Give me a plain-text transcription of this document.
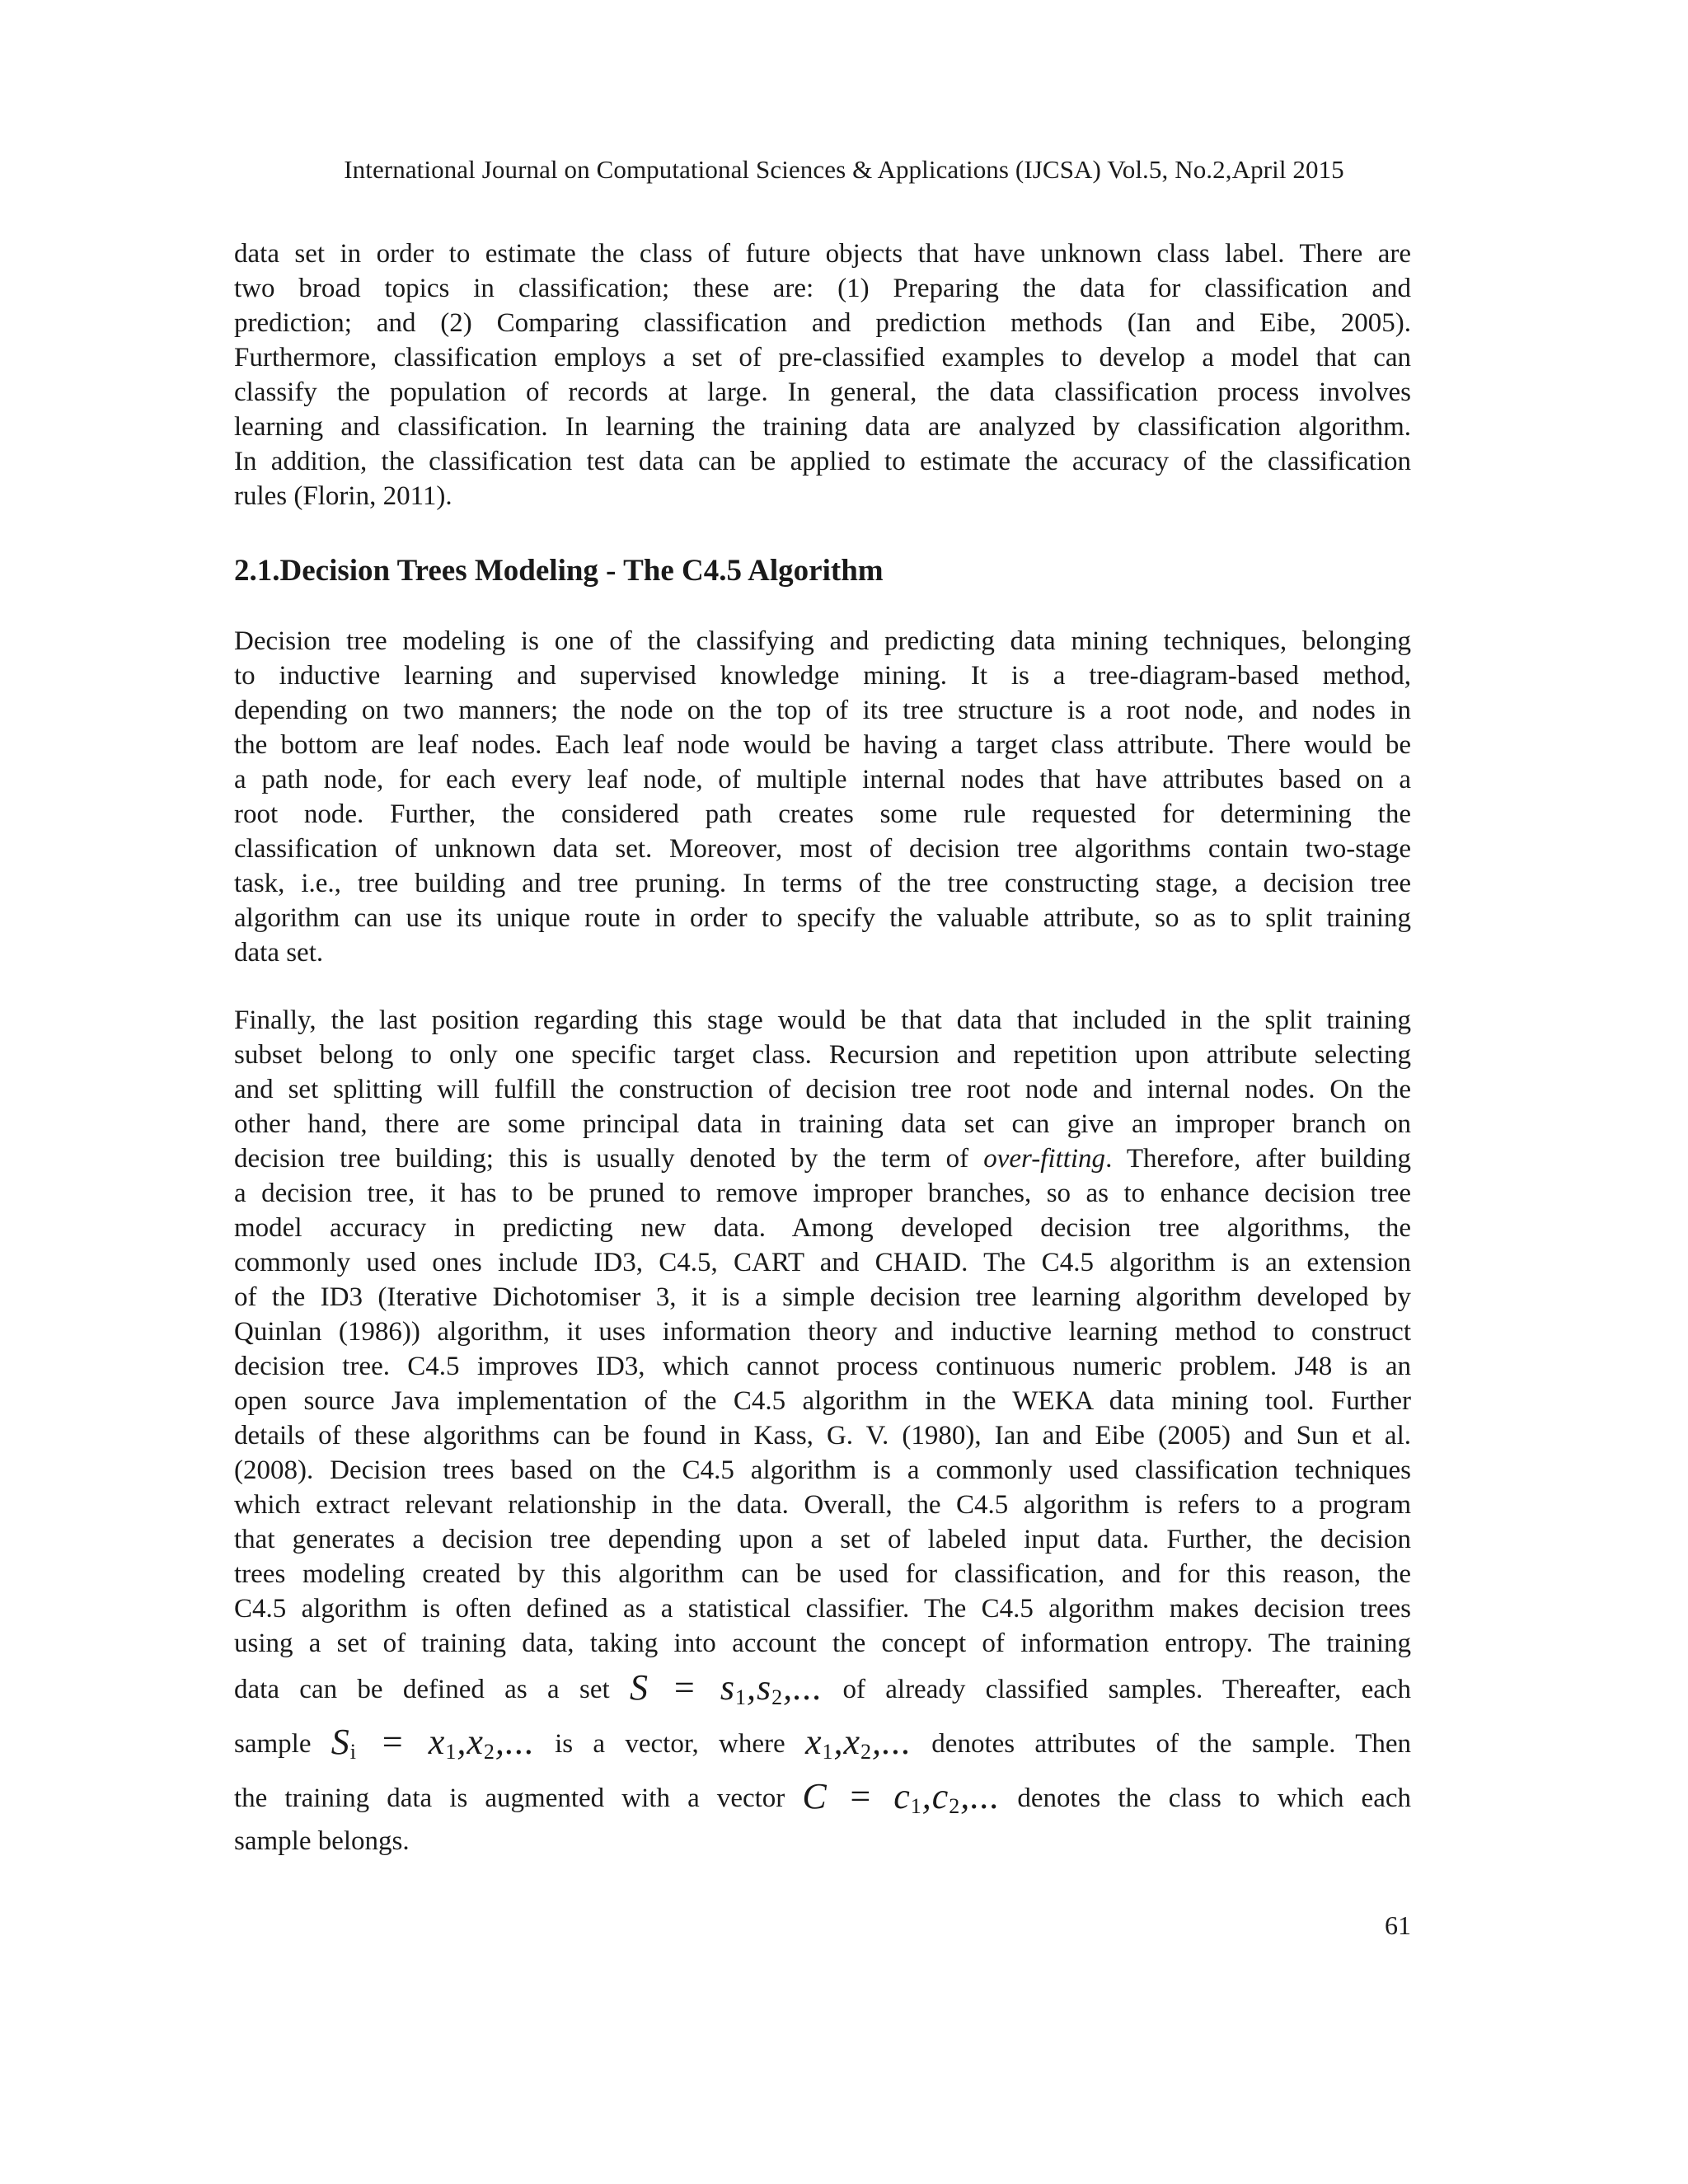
International Journal on Computational Sciences & Applications (IJCSA) Vol.5, No.2,April 2015
data set in order to estimate the class of future objects that have unknown class label. There are
two broad topics in classification; these are: (1) Preparing the data for classification and
prediction; and (2) Comparing classification and prediction methods (Ian and Eibe, 2005).
Furthermore, classification employs a set of pre-classified examples to develop a model that can
classify the population of records at large. In general, the data classification process involves
learning and classification. In learning the training data are analyzed by classification algorithm.
In addition, the classification test data can be applied to estimate the accuracy of the classification
rules (Florin, 2011).
2.1.Decision Trees Modeling - The C4.5 Algorithm
Decision tree modeling is one of the classifying and predicting data mining techniques, belonging
to inductive learning and supervised knowledge mining. It is a tree-diagram-based method,
depending on two manners; the node on the top of its tree structure is a root node, and nodes in
the bottom are leaf nodes. Each leaf node would be having a target class attribute. There would be
a path node, for each every leaf node, of multiple internal nodes that have attributes based on a
root node. Further, the considered path creates some rule requested for determining the
classification of unknown data set. Moreover, most of decision tree algorithms contain two-stage
task, i.e., tree building and tree pruning. In terms of the tree constructing stage, a decision tree
algorithm can use its unique route in order to specify the valuable attribute, so as to split training
data set.
Finally, the last position regarding this stage would be that data that included in the split training
subset belong to only one specific target class. Recursion and repetition upon attribute selecting
and set splitting will fulfill the construction of decision tree root node and internal nodes. On the
other hand, there are some principal data in training data set can give an improper branch on
decision tree building; this is usually denoted by the term of over-fitting. Therefore, after building
a decision tree, it has to be pruned to remove improper branches, so as to enhance decision tree
model accuracy in predicting new data. Among developed decision tree algorithms, the
commonly used ones include ID3, C4.5, CART and CHAID. The C4.5 algorithm is an extension
of the ID3 (Iterative Dichotomiser 3, it is a simple decision tree learning algorithm developed by
Quinlan (1986)) algorithm, it uses information theory and inductive learning method to construct
decision tree. C4.5 improves ID3, which cannot process continuous numeric problem. J48 is an
open source Java implementation of the C4.5 algorithm in the WEKA data mining tool. Further
details of these algorithms can be found in Kass, G. V. (1980), Ian and Eibe (2005) and Sun et al.
(2008). Decision trees based on the C4.5 algorithm is a commonly used classification techniques
which extract relevant relationship in the data. Overall, the C4.5 algorithm is refers to a program
that generates a decision tree depending upon a set of labeled input data. Further, the decision
trees modeling created by this algorithm can be used for classification, and for this reason, the
C4.5 algorithm is often defined as a statistical classifier. The C4.5 algorithm makes decision trees
using a set of training data, taking into account the concept of information entropy. The training
data can be defined as a set $S = s_1,s_2$,... of already classified samples. Thereafter, each
sample $S_i = x_1,x_2$,... is a vector, where $x_1,x_2$,... denotes attributes of the sample. Then
the training data is augmented with a vector $C = c_1,c_2$,... denotes the class to which each
sample belongs.
61
